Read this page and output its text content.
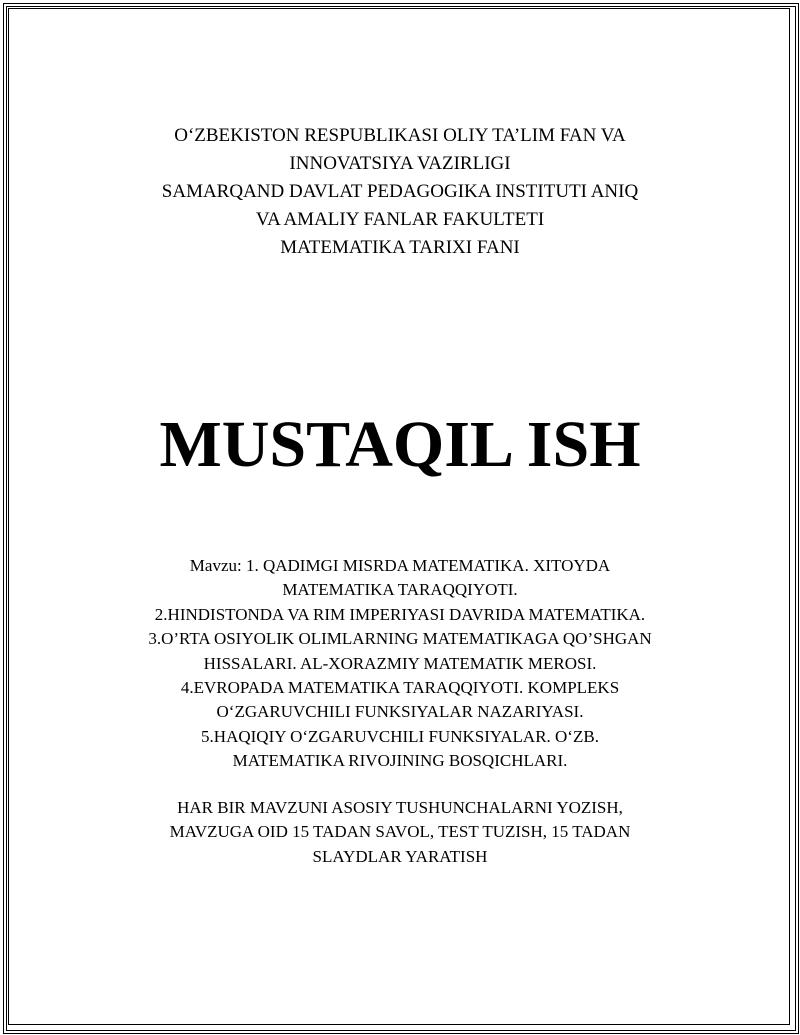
O‘ZBEKISTON RESPUBLIKASI OLIY TA’LIM FAN VA
INNOVATSIYA VAZIRLIGI
SAMARQAND DAVLAT PEDAGOGIKA INSTITUTI ANIQ
VA AMALIY FANLAR FAKULTETI
MATEMATIKA TARIXI FANI
MUSTAQIL ISH
Mavzu: 1. QADIMGI MISRDA MATEMATIKA. XITOYDA
MATEMATIKA TARAQQIYOTI.
2.HINDISTONDA VA RIM IMPERIYASI DAVRIDA MATEMATIKA.
3.O’RTA OSIYOLIK OLIMLARNING MATEMATIKAGA QO’SHGAN
HISSALARI. AL-XORAZMIY MATEMATIK MEROSI.
4.EVROPADA MATEMATIKA TARAQQIYOTI. KOMPLEKS
O‘ZGARUVCHILI FUNKSIYALAR NAZARIYASI.
5.HAQIQIY O‘ZGARUVCHILI FUNKSIYALAR. O‘ZB.
MATEMATIKA RIVOJINING BOSQICHLARI.
HAR BIR MAVZUNI ASOSIY TUSHUNCHALARNI YOZISH,
MAVZUGA OID 15 TADAN SAVOL, TEST TUZISH, 15 TADAN
SLAYDLAR YARATISH
